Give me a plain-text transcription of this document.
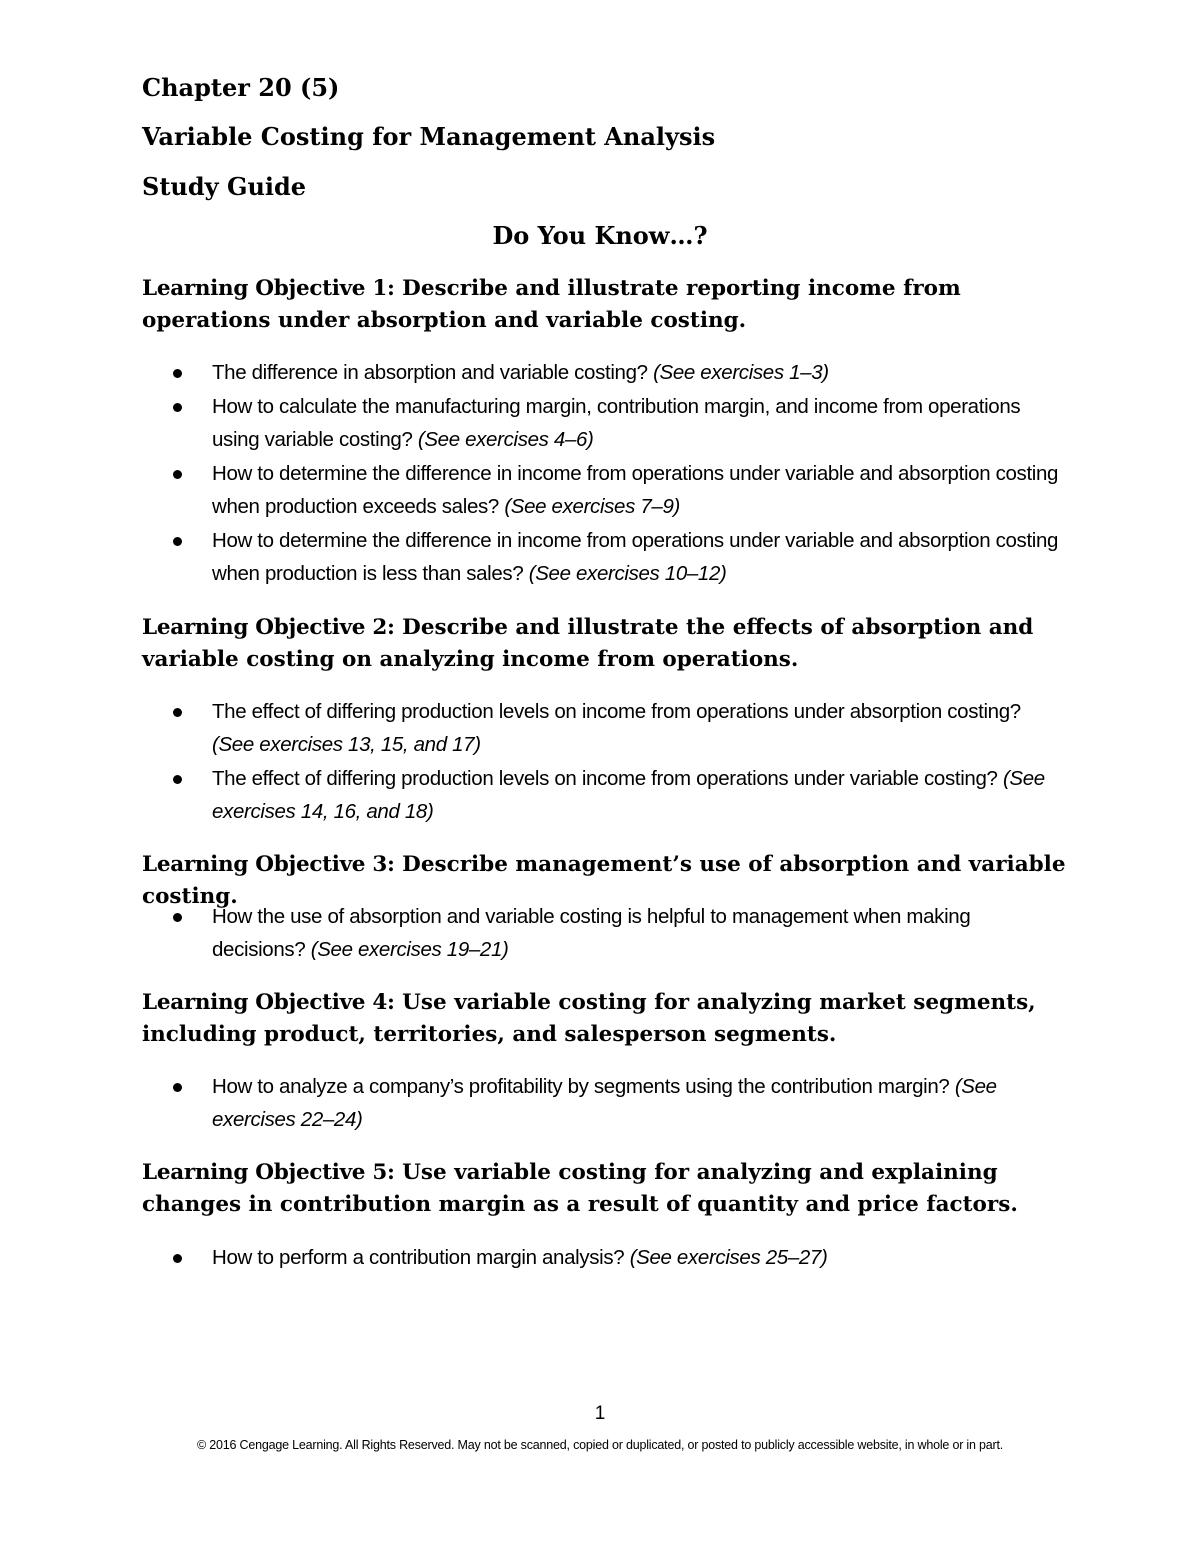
Chapter 20 (5)
Variable Costing for Management Analysis
Study Guide
Do You Know…?

Learning Objective 1: Describe and illustrate reporting income from operations under absorption and variable costing.

The difference in absorption and variable costing? (See exercises 1–3)
How to calculate the manufacturing margin, contribution margin, and income from operations using variable costing? (See exercises 4–6)
How to determine the difference in income from operations under variable and absorption costing when production exceeds sales? (See exercises 7–9)
How to determine the difference in income from operations under variable and absorption costing when production is less than sales? (See exercises 10–12)

Learning Objective 2: Describe and illustrate the effects of absorption and variable costing on analyzing income from operations.

The effect of differing production levels on income from operations under absorption costing? (See exercises 13, 15, and 17)
The effect of differing production levels on income from operations under variable costing? (See exercises 14, 16, and 18)

Learning Objective 3: Describe management’s use of absorption and variable costing.

How the use of absorption and variable costing is helpful to management when making decisions? (See exercises 19–21)

Learning Objective 4: Use variable costing for analyzing market segments, including product, territories, and salesperson segments.

How to analyze a company’s profitability by segments using the contribution margin? (See exercises 22–24)

Learning Objective 5: Use variable costing for analyzing and explaining changes in contribution margin as a result of quantity and price factors.

How to perform a contribution margin analysis? (See exercises 25–27)
1
© 2016 Cengage Learning. All Rights Reserved. May not be scanned, copied or duplicated, or posted to publicly accessible website, in whole or in part.
